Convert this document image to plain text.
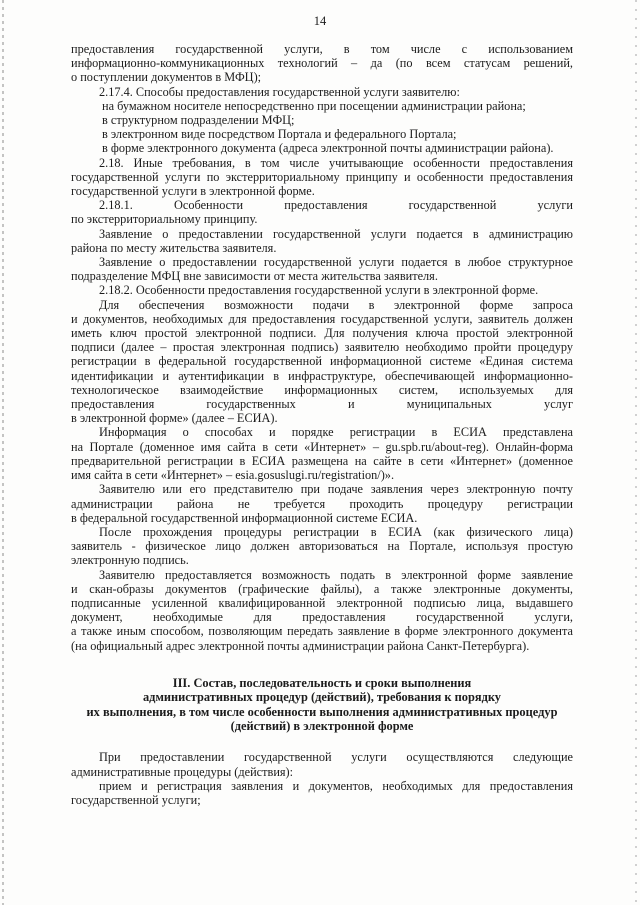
14

предоставления государственной услуги, в том числе с использованием

информационно-коммуникационных технологий – да (по всем статусам решений,

о поступлении документов в МФЦ);

2.17.4. Способы предоставления государственной услуги заявителю:

на бумажном носителе непосредственно при посещении администрации района;

в структурном подразделении МФЦ;

в электронном виде посредством Портала и федерального Портала;

в форме электронного документа (адреса электронной почты администрации района).

2.18. Иные требования, в том числе учитывающие особенности предоставления

государственной услуги по экстерриториальному принципу и особенности предоставления

государственной услуги в электронной форме.

2.18.1. Особенности предоставления государственной услуги

по экстерриториальному принципу.

Заявление о предоставлении государственной услуги подается в администрацию

района по месту жительства заявителя.

Заявление о предоставлении государственной услуги подается в любое структурное

подразделение МФЦ вне зависимости от места жительства заявителя.

2.18.2. Особенности предоставления государственной услуги в электронной форме.

Для обеспечения возможности подачи в электронной форме запроса

и документов, необходимых для предоставления государственной услуги, заявитель должен

иметь ключ простой электронной подписи. Для получения ключа простой электронной

подписи (далее – простая электронная подпись) заявителю необходимо пройти процедуру

регистрации в федеральной государственной информационной системе «Единая система

идентификации и аутентификации в инфраструктуре, обеспечивающей информационно-

технологическое взаимодействие информационных систем, используемых для

предоставления государственных и муниципальных услуг

в электронной форме» (далее – ЕСИА).

Информация о способах и порядке регистрации в ЕСИА представлена

на Портале (доменное имя сайта в сети «Интернет» – gu.spb.ru/about-reg). Онлайн-форма

предварительной регистрации в ЕСИА размещена на сайте в сети «Интернет» (доменное

имя сайта в сети «Интернет» – esia.gosuslugi.ru/registration/)».

Заявителю или его представителю при подаче заявления через электронную почту

администрации района не требуется проходить процедуру регистрации

в федеральной государственной информационной системе ЕСИА.

После прохождения процедуры регистрации в ЕСИА (как физического лица)

заявитель - физическое лицо должен авторизоваться на Портале, используя простую

электронную подпись.

Заявителю предоставляется возможность подать в электронной форме заявление

и скан-образы документов (графические файлы), а также электронные документы,

подписанные усиленной квалифицированной электронной подписью лица, выдавшего

документ, необходимые для предоставления государственной услуги,

а также иным способом, позволяющим передать заявление в форме электронного документа

(на официальный адрес электронной почты администрации района Санкт-Петербурга).

III. Состав, последовательность и сроки выполнения
административных процедур (действий), требования к порядку
их выполнения, в том числе особенности выполнения административных процедур
(действий) в электронной форме

При предоставлении государственной услуги осуществляются следующие

административные процедуры (действия):

прием и регистрация заявления и документов, необходимых для предоставления

государственной услуги;
